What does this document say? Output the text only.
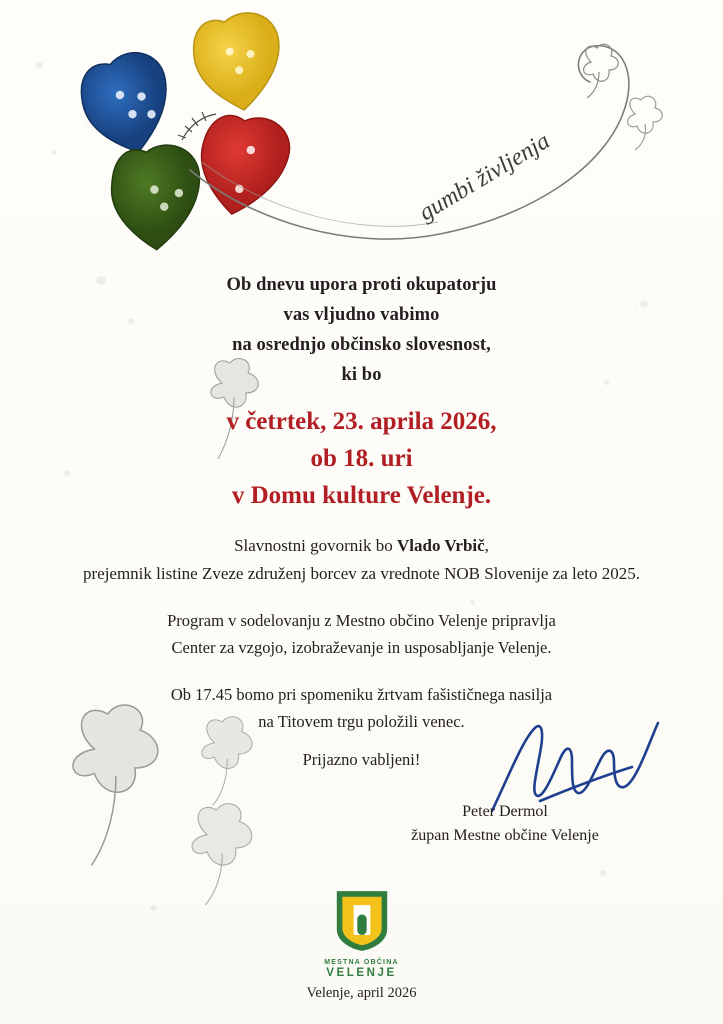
gumbi življenja
Ob dnevu upora proti okupatorju
vas vljudno vabimo
na osrednjo občinsko slovesnost,
ki bo
v četrtek, 23. aprila 2026,
ob 18. uri
v Domu kulture Velenje.
Slavnostni govornik bo Vlado Vrbič,
prejemnik listine Zveze združenj borcev za vrednote NOB Slovenije za leto 2025.
Program v sodelovanju z Mestno občino Velenje pripravlja
Center za vzgojo, izobraževanje in usposabljanje Velenje.
Ob 17.45 bomo pri spomeniku žrtvam fašističnega nasilja
na Titovem trgu položili venec.
Prijazno vabljeni!
Peter Dermol
župan Mestne občine Velenje
MESTNA OBČINA
VELENJE
Velenje, april 2026
